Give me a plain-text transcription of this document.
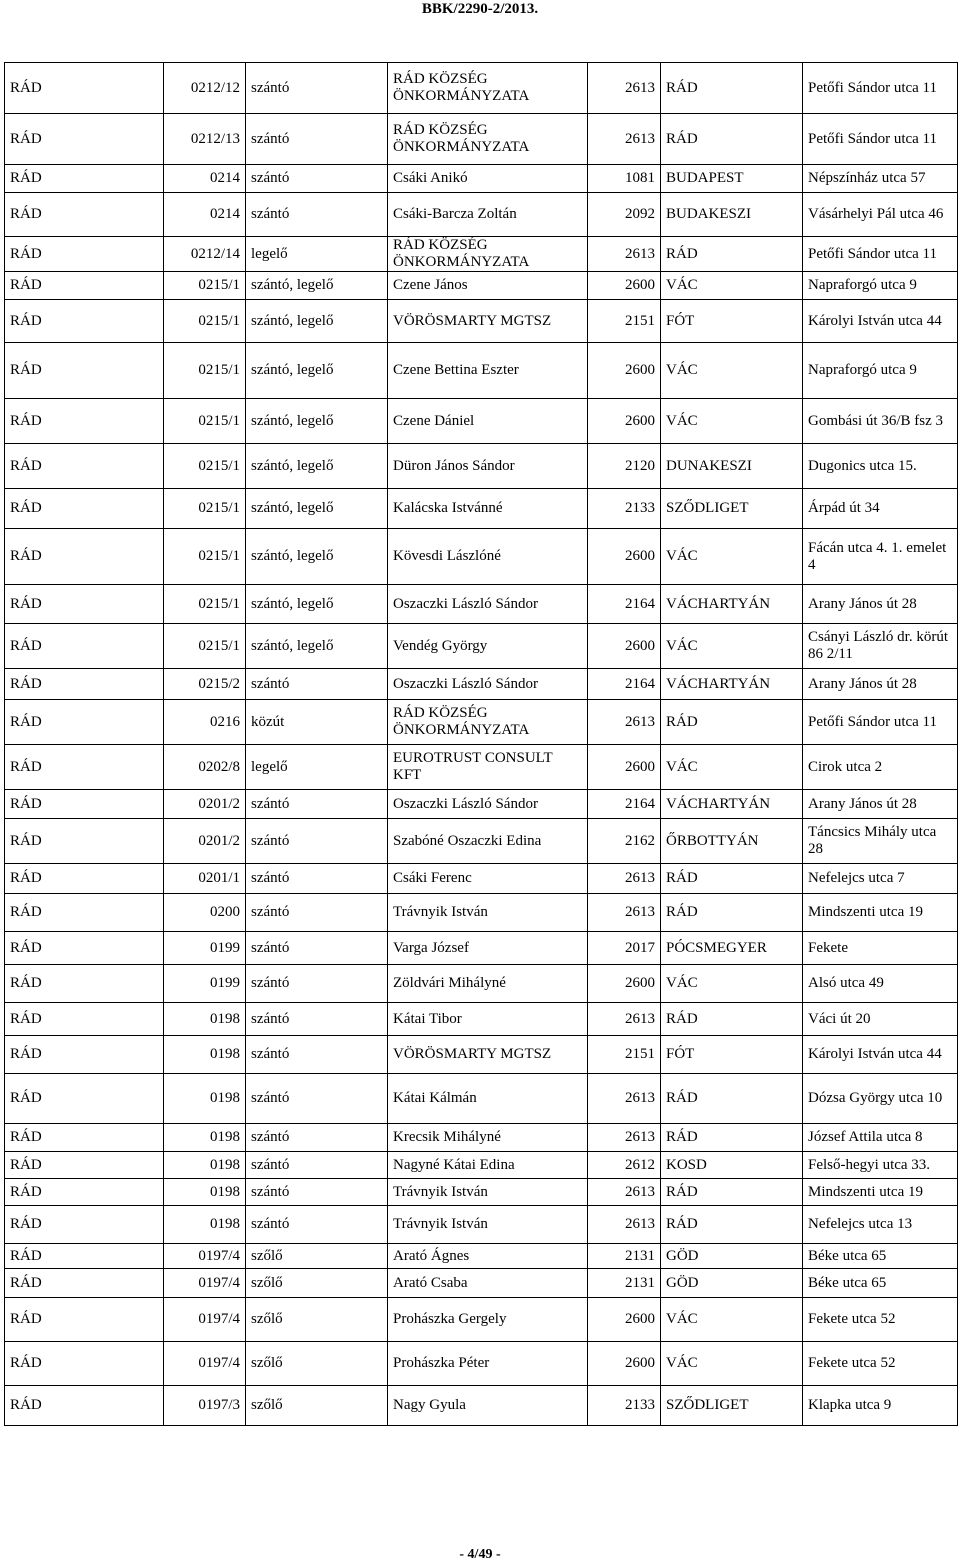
BBK/2290-2/2013.
RÁD	0212/12	szántó	RÁD KÖZSÉG ÖNKORMÁNYZATA	2613	RÁD	Petőfi Sándor utca 11
RÁD	0212/13	szántó	RÁD KÖZSÉG ÖNKORMÁNYZATA	2613	RÁD	Petőfi Sándor utca 11
RÁD	0214	szántó	Csáki Anikó	1081	BUDAPEST	Népszínház utca 57
RÁD	0214	szántó	Csáki-Barcza Zoltán	2092	BUDAKESZI	Vásárhelyi Pál utca 46
RÁD	0212/14	legelő	RÁD KÖZSÉG ÖNKORMÁNYZATA	2613	RÁD	Petőfi Sándor utca 11
RÁD	0215/1	szántó, legelő	Czene János	2600	VÁC	Napraforgó utca 9
RÁD	0215/1	szántó, legelő	VÖRÖSMARTY MGTSZ	2151	FÓT	Károlyi István utca 44
RÁD	0215/1	szántó, legelő	Czene Bettina Eszter	2600	VÁC	Napraforgó utca 9
RÁD	0215/1	szántó, legelő	Czene Dániel	2600	VÁC	Gombási út 36/B fsz 3
RÁD	0215/1	szántó, legelő	Düron János Sándor	2120	DUNAKESZI	Dugonics utca 15.
RÁD	0215/1	szántó, legelő	Kalácska Istvánné	2133	SZŐDLIGET	Árpád út 34
RÁD	0215/1	szántó, legelő	Kövesdi Lászlóné	2600	VÁC	Fácán utca 4. 1. emelet 4
RÁD	0215/1	szántó, legelő	Oszaczki László Sándor	2164	VÁCHARTYÁN	Arany János út 28
RÁD	0215/1	szántó, legelő	Vendég György	2600	VÁC	Csányi László dr. körút 86 2/11
RÁD	0215/2	szántó	Oszaczki László Sándor	2164	VÁCHARTYÁN	Arany János út 28
RÁD	0216	közút	RÁD KÖZSÉG ÖNKORMÁNYZATA	2613	RÁD	Petőfi Sándor utca 11
RÁD	0202/8	legelő	EUROTRUST CONSULT KFT	2600	VÁC	Cirok utca 2
RÁD	0201/2	szántó	Oszaczki László Sándor	2164	VÁCHARTYÁN	Arany János út 28
RÁD	0201/2	szántó	Szabóné Oszaczki Edina	2162	ŐRBOTTYÁN	Táncsics Mihály utca 28
RÁD	0201/1	szántó	Csáki Ferenc	2613	RÁD	Nefelejcs utca 7
RÁD	0200	szántó	Trávnyik István	2613	RÁD	Mindszenti utca 19
RÁD	0199	szántó	Varga József	2017	PÓCSMEGYER	Fekete
RÁD	0199	szántó	Zöldvári Mihályné	2600	VÁC	Alsó utca 49
RÁD	0198	szántó	Kátai Tibor	2613	RÁD	Váci út 20
RÁD	0198	szántó	VÖRÖSMARTY MGTSZ	2151	FÓT	Károlyi István utca 44
RÁD	0198	szántó	Kátai Kálmán	2613	RÁD	Dózsa György utca 10
RÁD	0198	szántó	Krecsik Mihályné	2613	RÁD	József Attila utca 8
RÁD	0198	szántó	Nagyné Kátai Edina	2612	KOSD	Felső-hegyi utca 33.
RÁD	0198	szántó	Trávnyik István	2613	RÁD	Mindszenti utca 19
RÁD	0198	szántó	Trávnyik István	2613	RÁD	Nefelejcs utca 13
RÁD	0197/4	szőlő	Arató Ágnes	2131	GÖD	Béke utca 65
RÁD	0197/4	szőlő	Arató Csaba	2131	GÖD	Béke utca 65
RÁD	0197/4	szőlő	Prohászka Gergely	2600	VÁC	Fekete utca 52
RÁD	0197/4	szőlő	Prohászka Péter	2600	VÁC	Fekete utca 52
RÁD	0197/3	szőlő	Nagy Gyula	2133	SZŐDLIGET	Klapka utca 9
- 4/49 -
